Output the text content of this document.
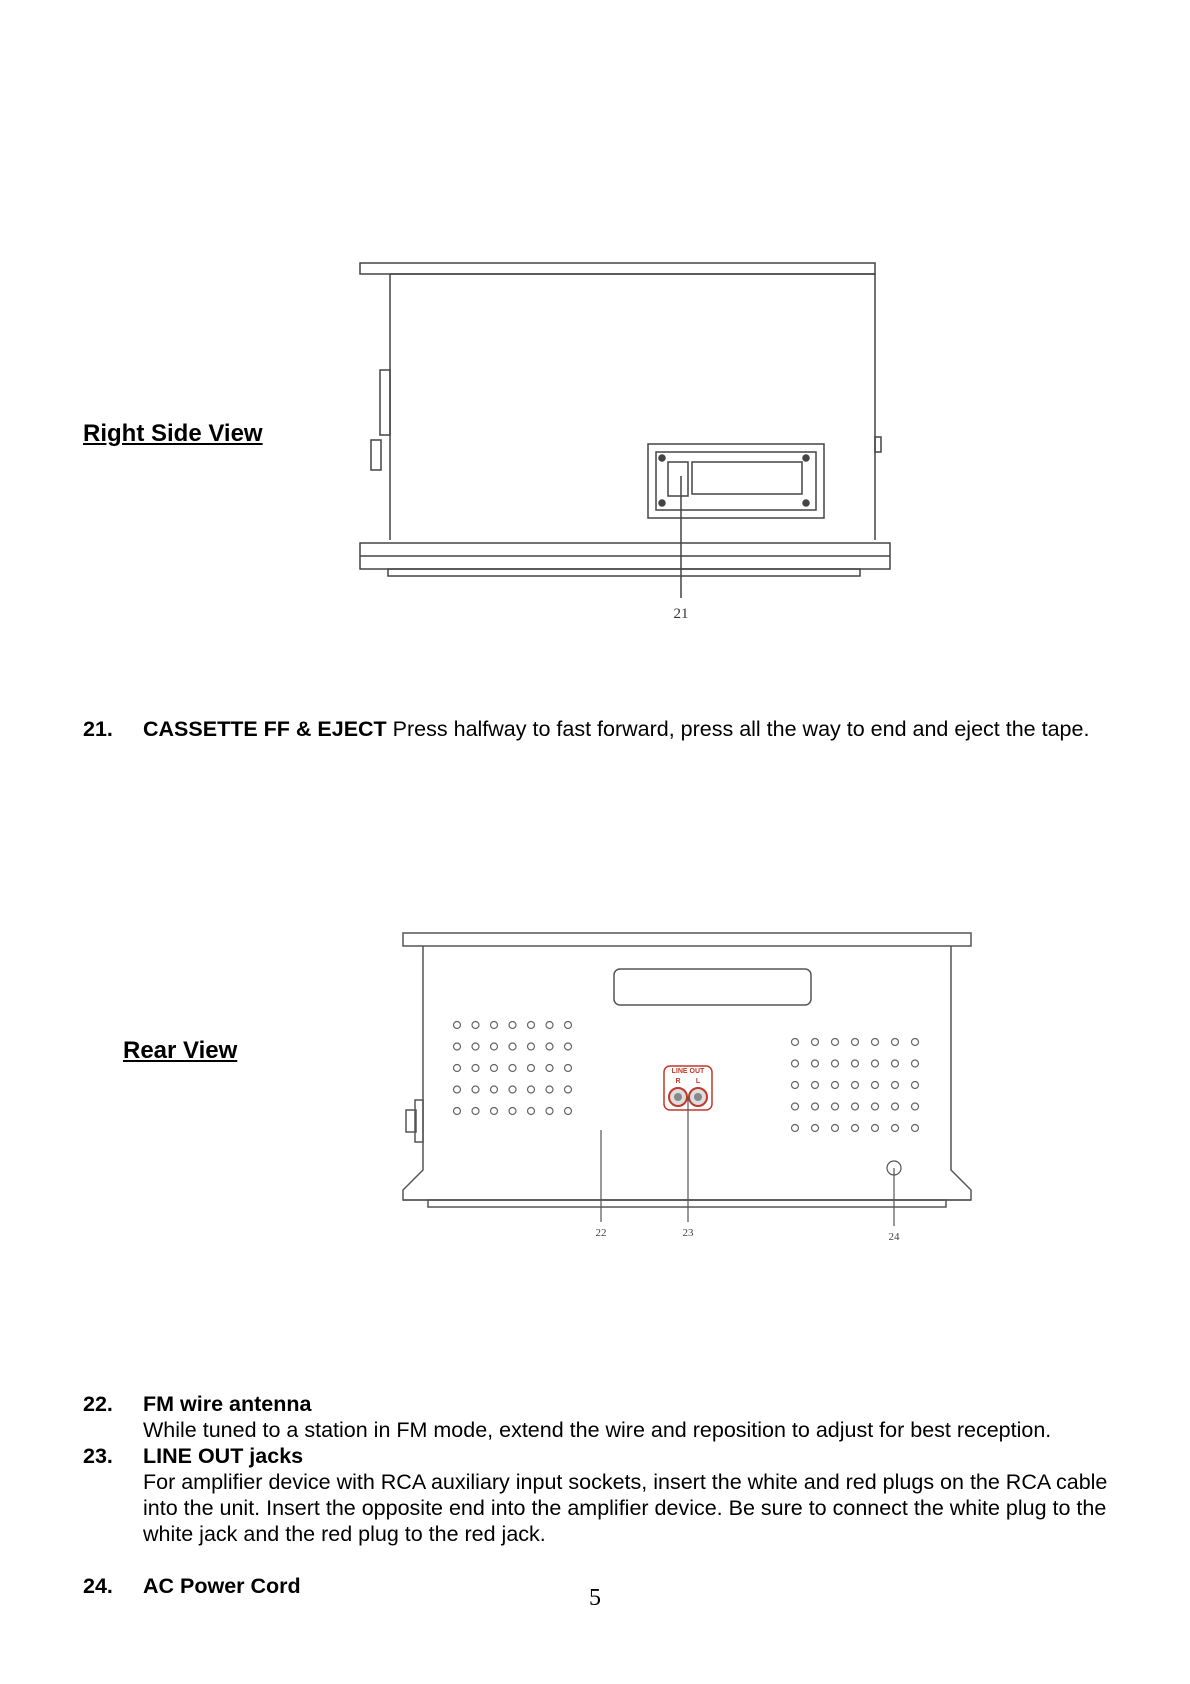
Right Side View
21
21. CASSETTE FF & EJECT Press halfway to fast forward, press all the way to end and eject the tape.
Rear View
LINE OUT
R L
22	23	24
22. FM wire antenna
While tuned to a station in FM mode, extend the wire and reposition to adjust for best reception.
23. LINE OUT jacks
For amplifier device with RCA auxiliary input sockets, insert the white and red plugs on the RCA cable into the unit. Insert the opposite end into the amplifier device. Be sure to connect the white plug to the white jack and the red plug to the red jack.
24. AC Power Cord	5
